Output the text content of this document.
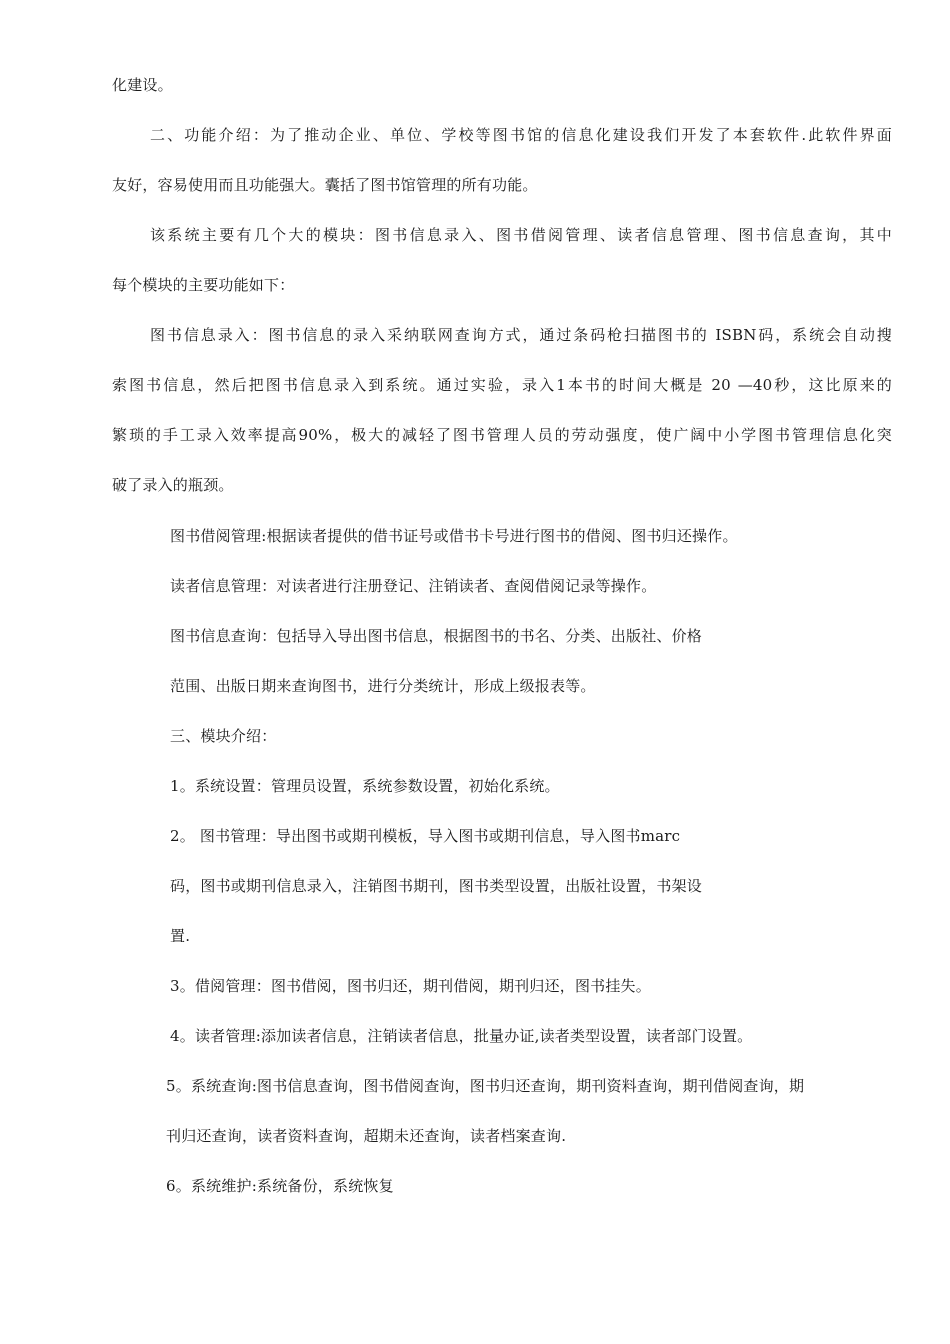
化建设。
二、功能介绍：为了推动企业、单位、学校等图书馆的信息化建设我们开发了本套软件.此软件界面
友好，容易使用而且功能强大。囊括了图书馆管理的所有功能。
该系统主要有几个大的模块：图书信息录入、图书借阅管理、读者信息管理、图书信息查询，其中
每个模块的主要功能如下：
图书信息录入：图书信息的录入采纳联网查询方式，通过条码枪扫描图书的 ISBN码，系统会自动搜
索图书信息，然后把图书信息录入到系统。通过实验，录入1本书的时间大概是 20 —40秒，这比原来的
繁琐的手工录入效率提高90%，极大的减轻了图书管理人员的劳动强度，使广阔中小学图书管理信息化突
破了录入的瓶颈。
图书借阅管理:根据读者提供的借书证号或借书卡号进行图书的借阅、图书归还操作。
读者信息管理：对读者进行注册登记、注销读者、查阅借阅记录等操作。
图书信息查询：包括导入导出图书信息，根据图书的书名、分类、出版社、价格
范围、出版日期来查询图书，进行分类统计，形成上级报表等。
三、模块介绍：
1。系统设置：管理员设置，系统参数设置，初始化系统。
2。 图书管理：导出图书或期刊模板，导入图书或期刊信息，导入图书marc
码，图书或期刊信息录入，注销图书期刊，图书类型设置，出版社设置，书架设
置.
3。借阅管理：图书借阅，图书归还，期刊借阅，期刊归还，图书挂失。
4。读者管理:添加读者信息，注销读者信息，批量办证,读者类型设置，读者部门设置。
5。系统查询:图书信息查询，图书借阅查询，图书归还查询，期刊资料查询，期刊借阅查询，期
刊归还查询，读者资料查询，超期未还查询，读者档案查询.
6。系统维护:系统备份，系统恢复
